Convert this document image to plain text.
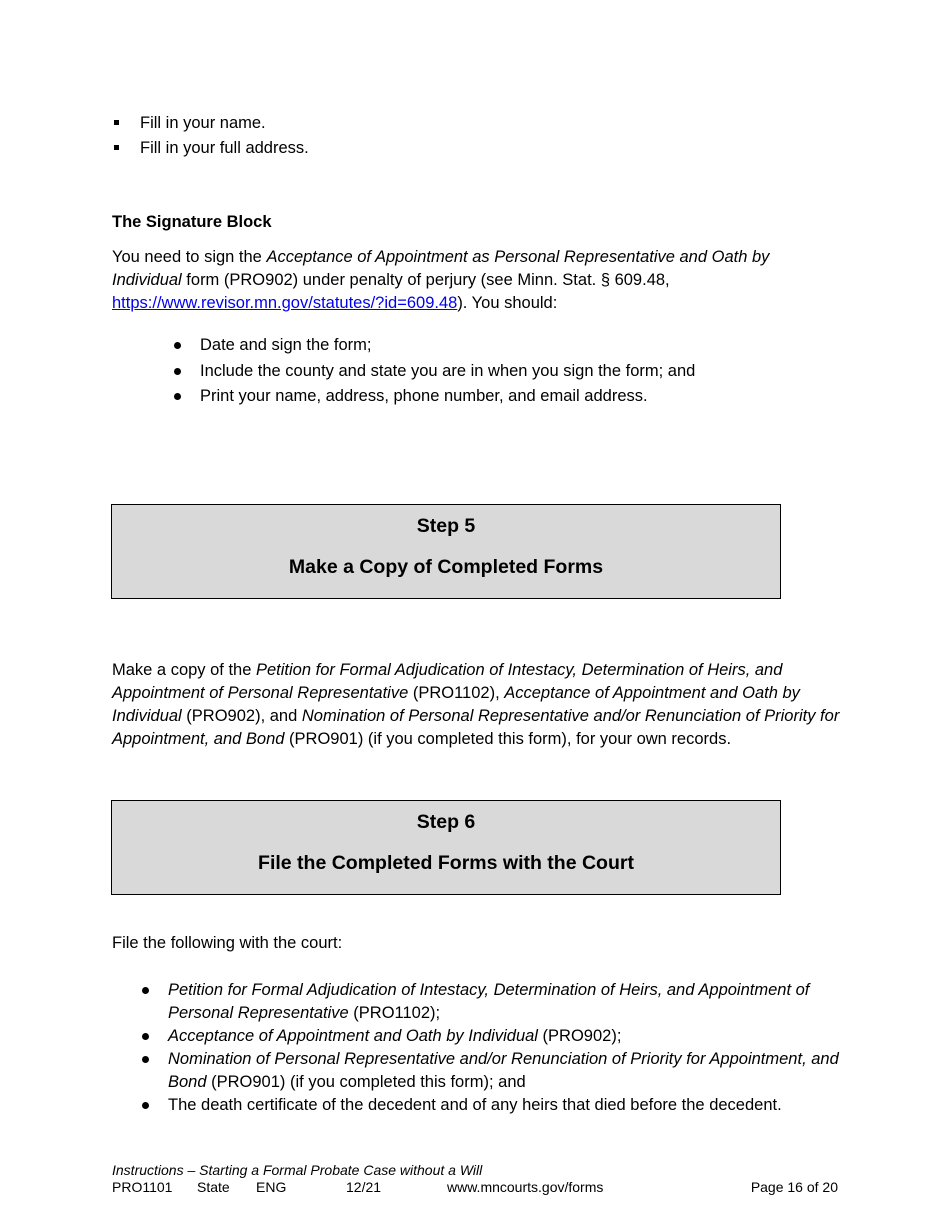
Fill in your name.
Fill in your full address.
The Signature Block
You need to sign the Acceptance of Appointment as Personal Representative and Oath by Individual form (PRO902) under penalty of perjury (see Minn. Stat. § 609.48,
https://www.revisor.mn.gov/statutes/?id=609.48). You should:
Date and sign the form;
Include the county and state you are in when you sign the form; and
Print your name, address, phone number, and email address.
Step 5
Make a Copy of Completed Forms
Make a copy of the Petition for Formal Adjudication of Intestacy, Determination of Heirs, and Appointment of Personal Representative (PRO1102), Acceptance of Appointment and Oath by Individual (PRO902), and Nomination of Personal Representative and/or Renunciation of Priority for Appointment, and Bond (PRO901) (if you completed this form), for your own records.
Step 6
File the Completed Forms with the Court
File the following with the court:
Petition for Formal Adjudication of Intestacy, Determination of Heirs, and Appointment of Personal Representative (PRO1102);
Acceptance of Appointment and Oath by Individual (PRO902);
Nomination of Personal Representative and/or Renunciation of Priority for Appointment, and Bond (PRO901) (if you completed this form); and
The death certificate of the decedent and of any heirs that died before the decedent.
Instructions – Starting a Formal Probate Case without a Will
PRO1101 State ENG	12/21	www.mncourts.gov/forms	Page 16 of 20
